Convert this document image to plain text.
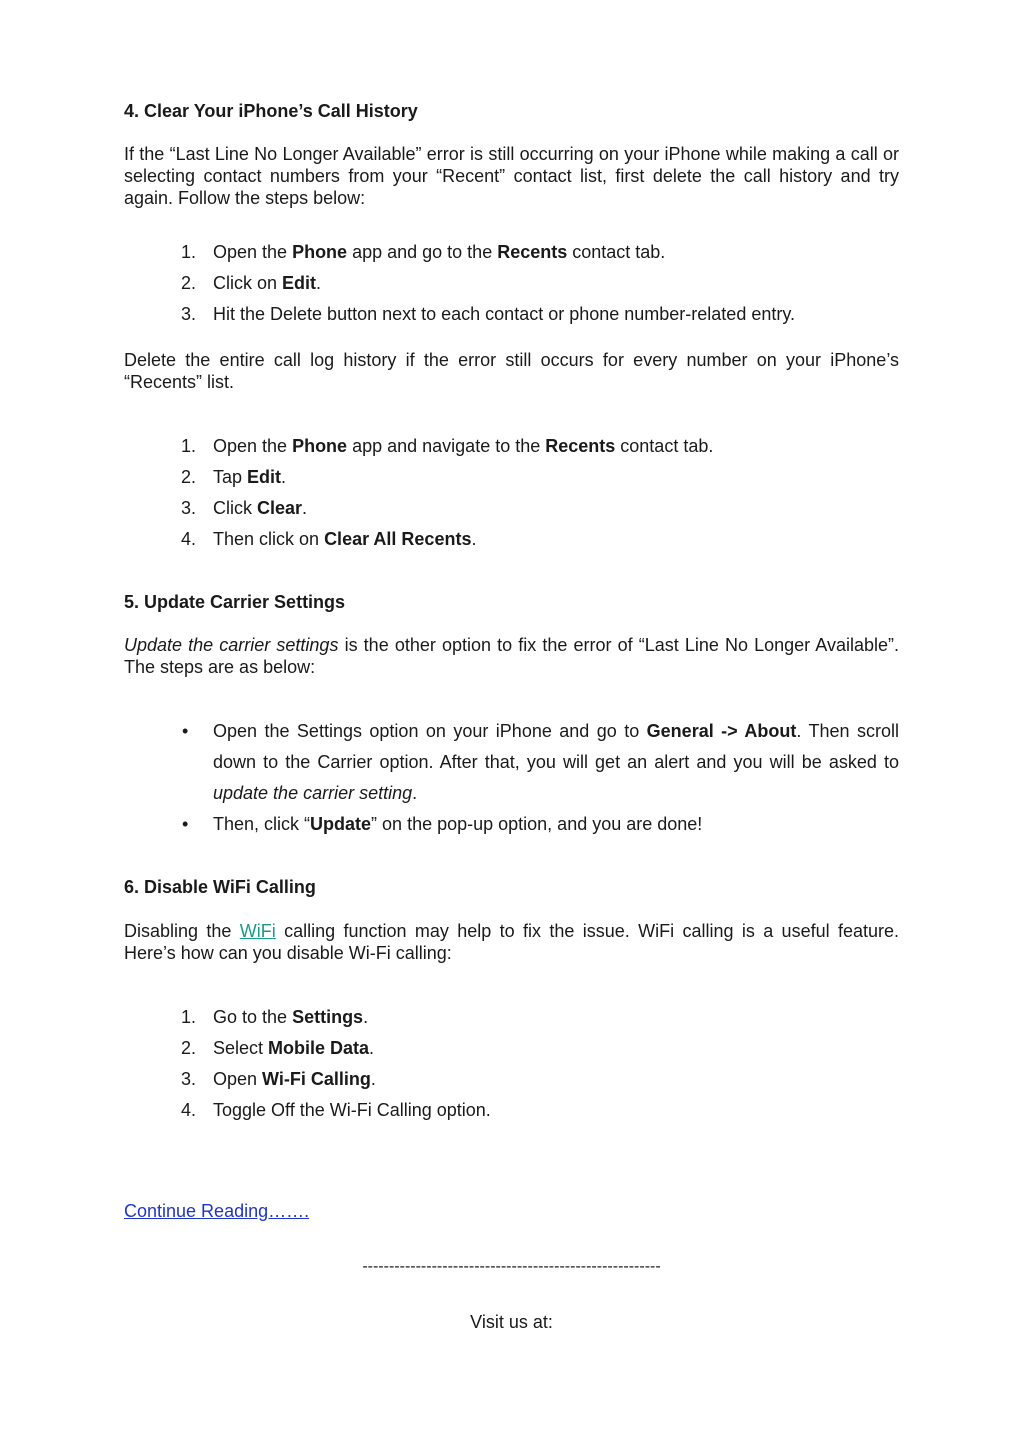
4. Clear Your iPhone’s Call History

If the “Last Line No Longer Available” error is still occurring on your iPhone while making a call or selecting contact numbers from your “Recent” contact list, first delete the call history and try again. Follow the steps below:

1. Open the Phone app and go to the Recents contact tab.
2. Click on Edit.
3. Hit the Delete button next to each contact or phone number-related entry.

Delete the entire call log history if the error still occurs for every number on your iPhone’s “Recents” list.

1. Open the Phone app and navigate to the Recents contact tab.
2. Tap Edit.
3. Click Clear.
4. Then click on Clear All Recents.
5. Update Carrier Settings

Update the carrier settings is the other option to fix the error of “Last Line No Longer Available”. The steps are as below:

•	Open the Settings option on your iPhone and go to General -> About. Then scroll down to the Carrier option. After that, you will get an alert and you will be asked to update the carrier setting.
•	Then, click “Update” on the pop-up option, and you are done!
6. Disable WiFi Calling

Disabling the WiFi calling function may help to fix the issue. WiFi calling is a useful feature. Here’s how can you disable Wi-Fi calling:

1. Go to the Settings.
2. Select Mobile Data.
3. Open Wi-Fi Calling.
4. Toggle Off the Wi-Fi Calling option.
Continue Reading…….
--------------------------------------------------------
Visit us at:
